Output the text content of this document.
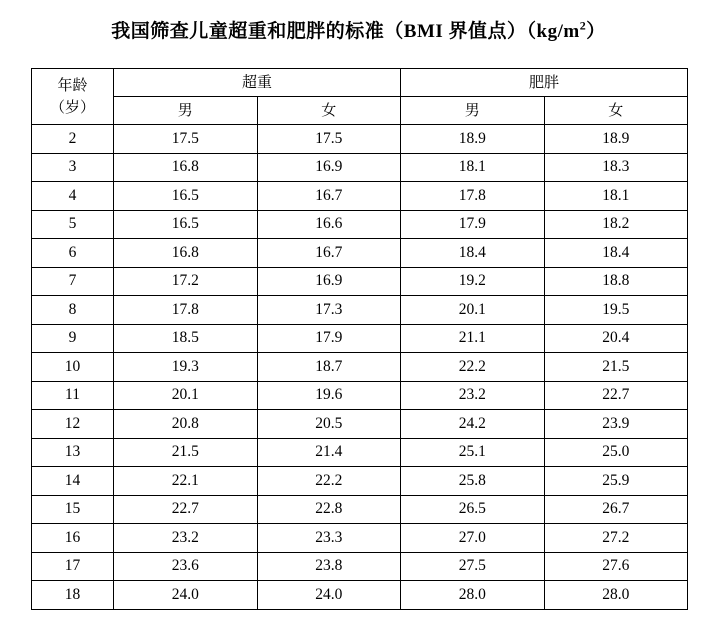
我国筛查儿童超重和肥胖的标准（BMI 界值点）$(kg/m^2)$
年龄
（岁）	超重		肥胖	
	男	女	男	女
2	17.5	17.5	18.9	18.9
3	16.8	16.9	18.1	18.3
4	16.5	16.7	17.8	18.1
5	16.5	16.6	17.9	18.2
6	16.8	16.7	18.4	18.4
7	17.2	16.9	19.2	18.8
8	17.8	17.3	20.1	19.5
9	18.5	17.9	21.1	20.4
10	19.3	18.7	22.2	21.5
11	20.1	19.6	23.2	22.7
12	20.8	20.5	24.2	23.9
13	21.5	21.4	25.1	25.0
14	22.1	22.2	25.8	25.9
15	22.7	22.8	26.5	26.7
16	23.2	23.3	27.0	27.2
17	23.6	23.8	27.5	27.6
18	24.0	24.0	28.0	28.0
